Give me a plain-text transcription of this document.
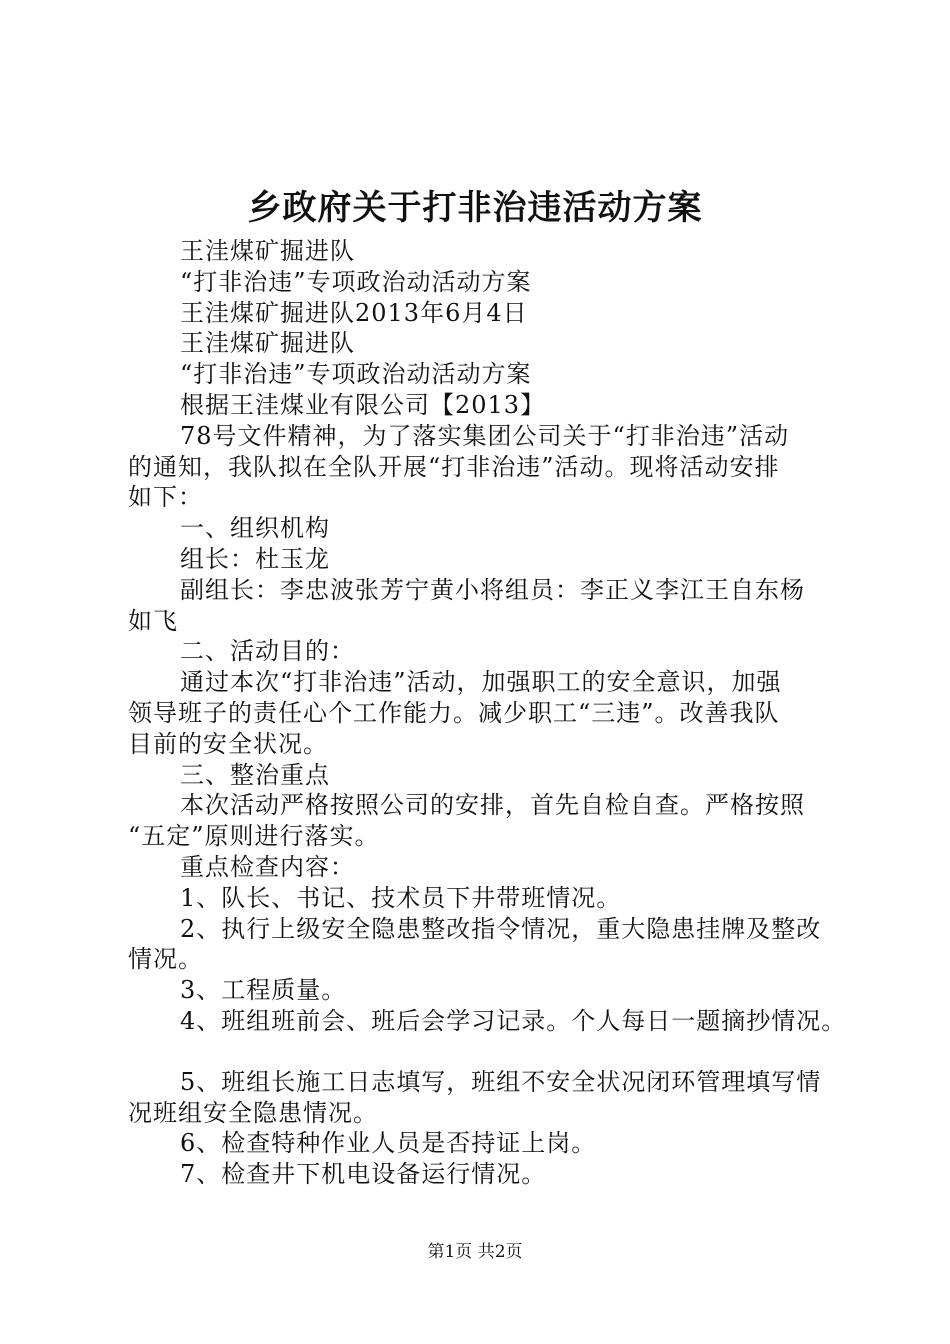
乡政府关于打非治违活动方案
王洼煤矿掘进队
“打非治违”专项政治动活动方案
王洼煤矿掘进队2013年6月4日
王洼煤矿掘进队
“打非治违”专项政治动活动方案
根据王洼煤业有限公司【2013】
78号文件精神，为了落实集团公司关于“打非治违”活动
的通知，我队拟在全队开展“打非治违”活动。现将活动安排
如下：
一、组织机构
组长：杜玉龙
副组长：李忠波张芳宁黄小将组员：李正义李江王自东杨
如飞
二、活动目的：
通过本次“打非治违”活动，加强职工的安全意识，加强
领导班子的责任心个工作能力。减少职工“三违”。改善我队
目前的安全状况。
三、整治重点
本次活动严格按照公司的安排，首先自检自查。严格按照
“五定”原则进行落实。
重点检查内容：
1、队长、书记、技术员下井带班情况。
2、执行上级安全隐患整改指令情况，重大隐患挂牌及整改
情况。
3、工程质量。
4、班组班前会、班后会学习记录。个人每日一题摘抄情况。
5、班组长施工日志填写，班组不安全状况闭环管理填写情
况班组安全隐患情况。
6、检查特种作业人员是否持证上岗。
7、检查井下机电设备运行情况。
第1页 共2页
